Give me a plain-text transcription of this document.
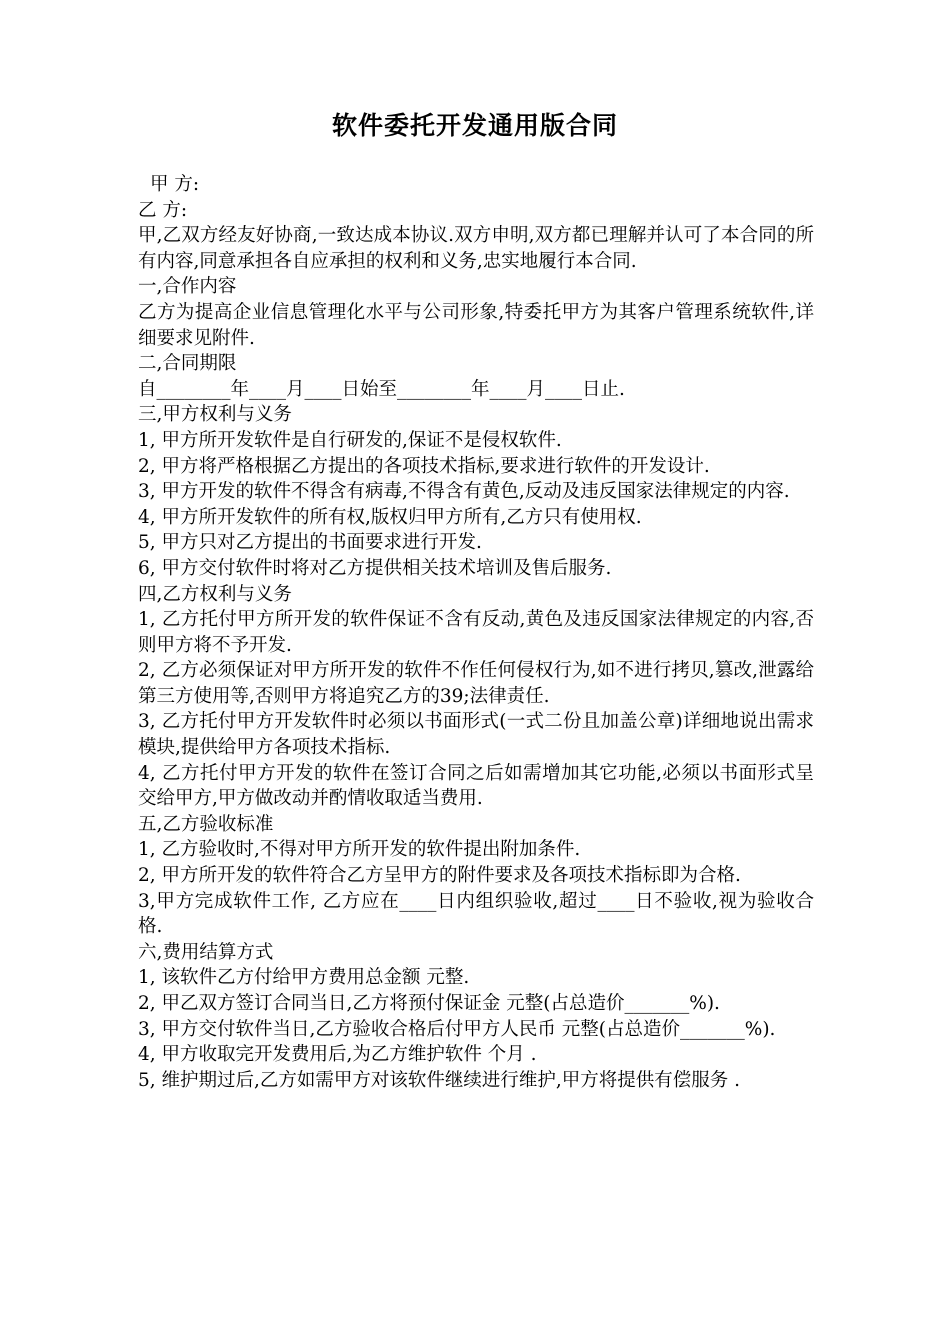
软件委托开发通用版合同

甲 方:

乙 方:

甲,乙双方经友好协商,一致达成本协议.双方申明,双方都已理解并认可了本合同的所有内容,同意承担各自应承担的权利和义务,忠实地履行本合同.

一,合作内容

乙方为提高企业信息管理化水平与公司形象,特委托甲方为其客户管理系统软件,详细要求见附件.

二,合同期限

自________年____月____日始至________年____月____日止.

三,甲方权利与义务

1, 甲方所开发软件是自行研发的,保证不是侵权软件.

2, 甲方将严格根据乙方提出的各项技术指标,要求进行软件的开发设计.

3, 甲方开发的软件不得含有病毒,不得含有黄色,反动及违反国家法律规定的内容.

4, 甲方所开发软件的所有权,版权归甲方所有,乙方只有使用权.

5, 甲方只对乙方提出的书面要求进行开发.

6, 甲方交付软件时将对乙方提供相关技术培训及售后服务.

四,乙方权利与义务

1, 乙方托付甲方所开发的软件保证不含有反动,黄色及违反国家法律规定的内容,否则甲方将不予开发.

2, 乙方必须保证对甲方所开发的软件不作任何侵权行为,如不进行拷贝,篡改,泄露给第三方使用等,否则甲方将追究乙方的39;法律责任.

3, 乙方托付甲方开发软件时必须以书面形式(一式二份且加盖公章)详细地说出需求模块,提供给甲方各项技术指标.

4, 乙方托付甲方开发的软件在签订合同之后如需增加其它功能,必须以书面形式呈交给甲方,甲方做改动并酌情收取适当费用.

五,乙方验收标准

1, 乙方验收时,不得对甲方所开发的软件提出附加条件.

2, 甲方所开发的软件符合乙方呈甲方的附件要求及各项技术指标即为合格.

3,甲方完成软件工作, 乙方应在____日内组织验收,超过____日不验收,视为验收合格.

六,费用结算方式

1, 该软件乙方付给甲方费用总金额 元整.

2, 甲乙双方签订合同当日,乙方将预付保证金 元整(占总造价_______%).

3, 甲方交付软件当日,乙方验收合格后付甲方人民币 元整(占总造价_______%).

4, 甲方收取完开发费用后,为乙方维护软件 个月 .

5, 维护期过后,乙方如需甲方对该软件继续进行维护,甲方将提供有偿服务 .
